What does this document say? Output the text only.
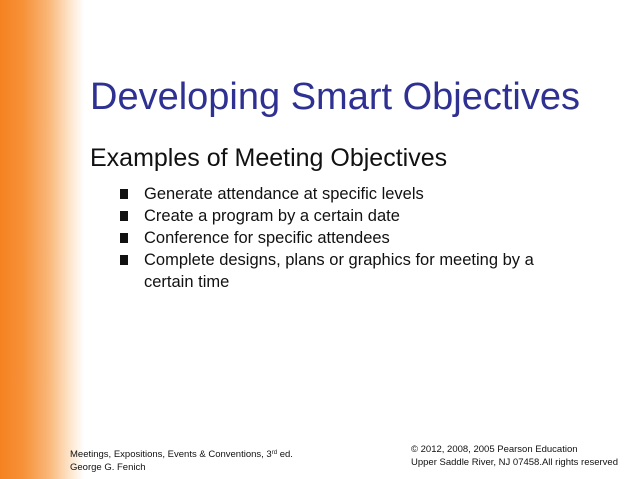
Developing Smart Objectives
Examples of Meeting Objectives
Generate attendance at specific levels
Create a program by a certain date
Conference for specific attendees
Complete designs, plans or graphics for meeting by a certain time
Meetings, Expositions, Events & Conventions, 3rd ed.
George G. Fenich
© 2012, 2008, 2005 Pearson Education
Upper Saddle River, NJ 07458.All rights reserved
